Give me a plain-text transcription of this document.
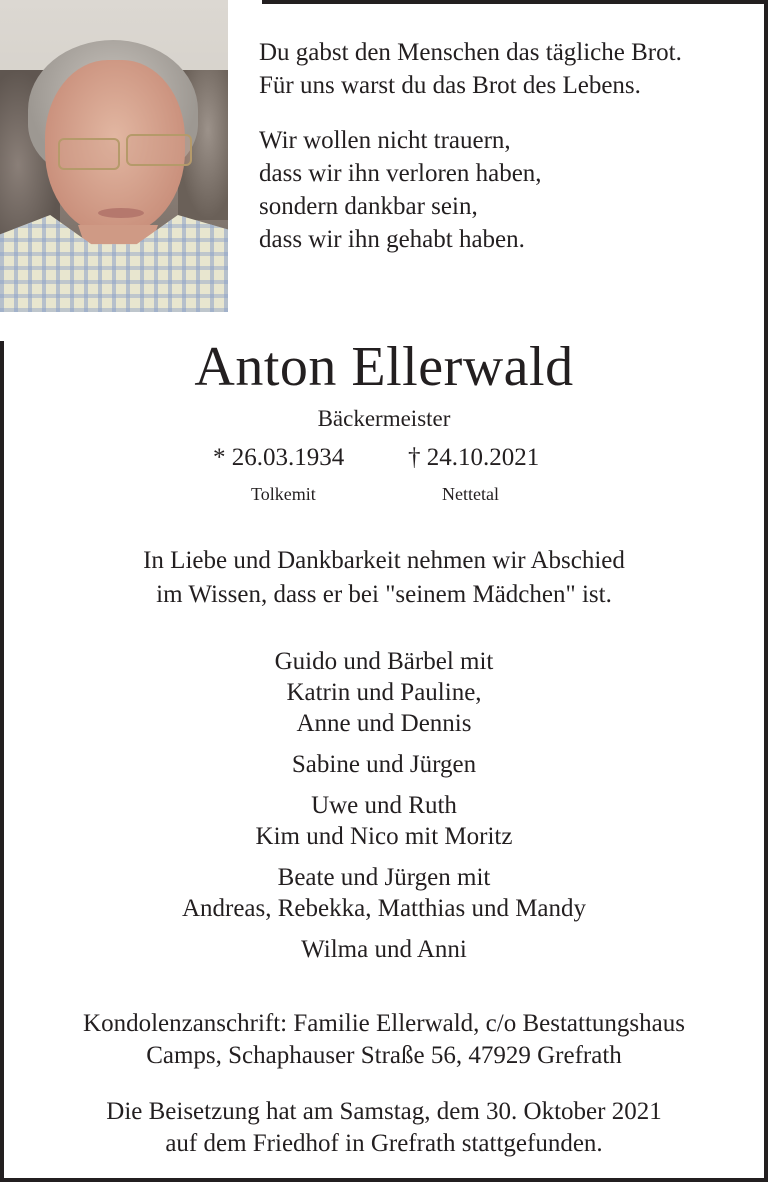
Du gabst den Menschen das tägliche Brot.
Für uns warst du das Brot des Lebens.
Wir wollen nicht trauern,
dass wir ihn verloren haben,
sondern dankbar sein,
dass wir ihn gehabt haben.
Anton Ellerwald
Bäckermeister
* 26.03.1934	† 24.10.2021
Tolkemit	Nettetal
In Liebe und Dankbarkeit nehmen wir Abschied
im Wissen, dass er bei "seinem Mädchen" ist.
Guido und Bärbel mit
Katrin und Pauline,
Anne und Dennis
Sabine und Jürgen
Uwe und Ruth
Kim und Nico mit Moritz
Beate und Jürgen mit
Andreas, Rebekka, Matthias und Mandy
Wilma und Anni
Kondolenzanschrift: Familie Ellerwald, c/o Bestattungshaus
Camps, Schaphauser Straße 56, 47929 Grefrath
Die Beisetzung hat am Samstag, dem 30. Oktober 2021
auf dem Friedhof in Grefrath stattgefunden.
